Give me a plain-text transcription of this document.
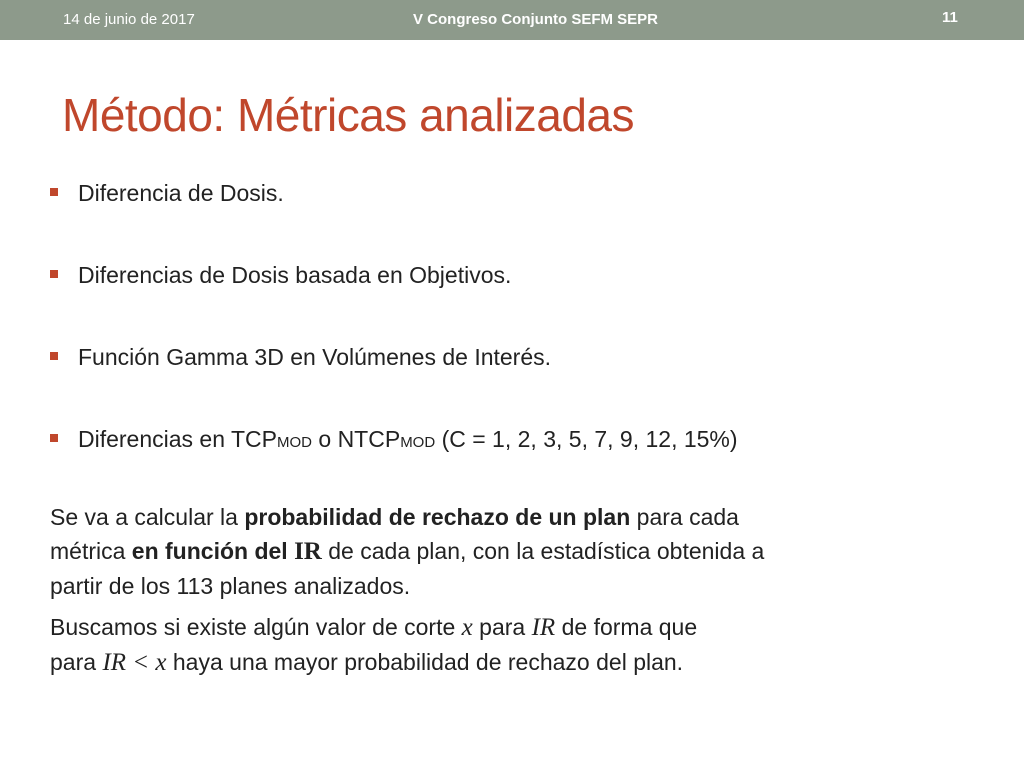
14 de junio de 2017	V Congreso Conjunto SEFM SEPR	11
Método: Métricas analizadas
Diferencia de Dosis.
Diferencias de Dosis basada en Objetivos.
Función Gamma 3D en Volúmenes de Interés.
Diferencias en TCPMOD o NTCPMOD (C = 1, 2, 3, 5, 7, 9, 12, 15%)
Se va a calcular la probabilidad de rechazo de un plan para cada
métrica en función del IR de cada plan, con la estadística obtenida a
partir de los 113 planes analizados.
Buscamos si existe algún valor de corte x para IR de forma que
para IR < x haya una mayor probabilidad de rechazo del plan.
